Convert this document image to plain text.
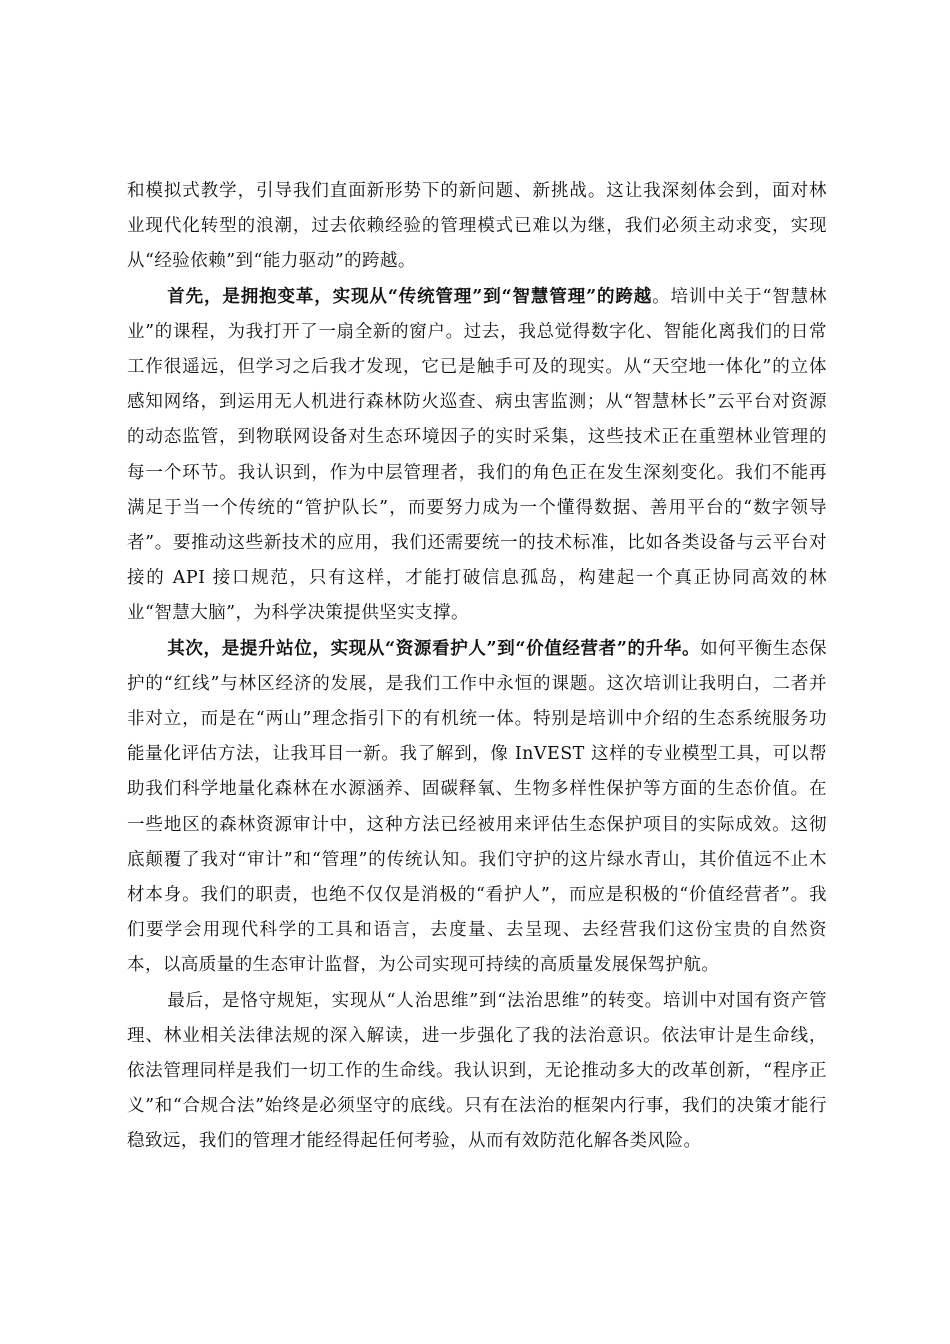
和模拟式教学，引导我们直面新形势下的新问题、新挑战。这让我深刻体会到，面对林业现代化转型的浪潮，过去依赖经验的管理模式已难以为继，我们必须主动求变，实现从“经验依赖”到“能力驱动”的跨越。

首先，是拥抱变革，实现从“传统管理”到“智慧管理”的跨越。培训中关于“智慧林业”的课程，为我打开了一扇全新的窗户。过去，我总觉得数字化、智能化离我们的日常工作很遥远，但学习之后我才发现，它已是触手可及的现实。从“天空地一体化”的立体感知网络，到运用无人机进行森林防火巡查、病虫害监测；从“智慧林长”云平台对资源的动态监管，到物联网设备对生态环境因子的实时采集，这些技术正在重塑林业管理的每一个环节。我认识到，作为中层管理者，我们的角色正在发生深刻变化。我们不能再满足于当一个传统的“管护队长”，而要努力成为一个懂得数据、善用平台的“数字领导者”。要推动这些新技术的应用，我们还需要统一的技术标准，比如各类设备与云平台对接的 API 接口规范，只有这样，才能打破信息孤岛，构建起一个真正协同高效的林业“智慧大脑”，为科学决策提供坚实支撑。

其次，是提升站位，实现从“资源看护人”到“价值经营者”的升华。如何平衡生态保护的“红线”与林区经济的发展，是我们工作中永恒的课题。这次培训让我明白，二者并非对立，而是在“两山”理念指引下的有机统一体。特别是培训中介绍的生态系统服务功能量化评估方法，让我耳目一新。我了解到，像 InVEST 这样的专业模型工具，可以帮助我们科学地量化森林在水源涵养、固碳释氧、生物多样性保护等方面的生态价值。在一些地区的森林资源审计中，这种方法已经被用来评估生态保护项目的实际成效。这彻底颠覆了我对“审计”和“管理”的传统认知。我们守护的这片绿水青山，其价值远不止木材本身。我们的职责，也绝不仅仅是消极的“看护人”，而应是积极的“价值经营者”。我们要学会用现代科学的工具和语言，去度量、去呈现、去经营我们这份宝贵的自然资本，以高质量的生态审计监督，为公司实现可持续的高质量发展保驾护航。

最后，是恪守规矩，实现从“人治思维”到“法治思维”的转变。培训中对国有资产管理、林业相关法律法规的深入解读，进一步强化了我的法治意识。依法审计是生命线，依法管理同样是我们一切工作的生命线。我认识到，无论推动多大的改革创新，“程序正义”和“合规合法”始终是必须坚守的底线。只有在法治的框架内行事，我们的决策才能行稳致远，我们的管理才能经得起任何考验，从而有效防范化解各类风险。
